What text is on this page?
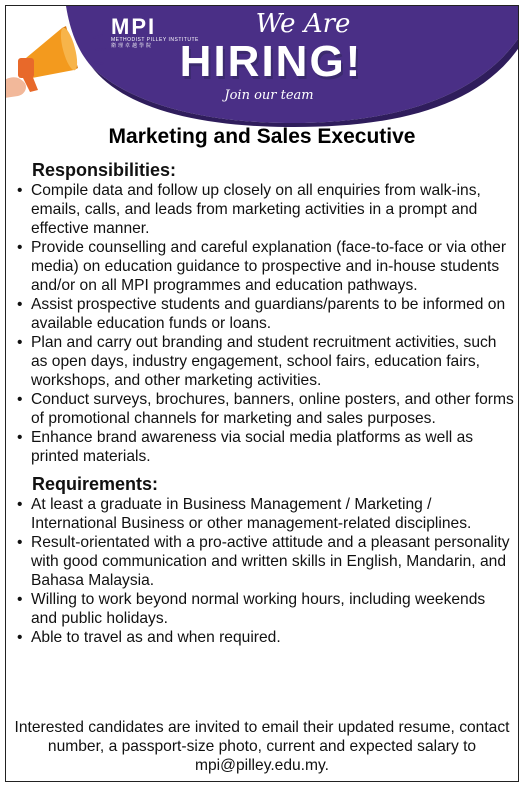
MPI
METHODIST PILLEY INSTITUTE
衛理卓越學院
We Are
HIRING!
Join our team
Marketing and Sales Executive
Responsibilities:
• Compile data and follow up closely on all enquiries from walk-ins, emails, calls, and leads from marketing activities in a prompt and effective manner.
• Provide counselling and careful explanation (face-to-face or via other media) on education guidance to prospective and in-house students and/or on all MPI programmes and education pathways.
• Assist prospective students and guardians/parents to be informed on available education funds or loans.
• Plan and carry out branding and student recruitment activities, such as open days, industry engagement, school fairs, education fairs, workshops, and other marketing activities.
• Conduct surveys, brochures, banners, online posters, and other forms of promotional channels for marketing and sales purposes.
• Enhance brand awareness via social media platforms as well as printed materials.
Requirements:
• At least a graduate in Business Management / Marketing / International Business or other management-related disciplines.
• Result-orientated with a pro-active attitude and a pleasant personality with good communication and written skills in English, Mandarin, and Bahasa Malaysia.
• Willing to work beyond normal working hours, including weekends and public holidays.
• Able to travel as and when required.
Interested candidates are invited to email their updated resume, contact number, a passport-size photo, current and expected salary to mpi@pilley.edu.my.
